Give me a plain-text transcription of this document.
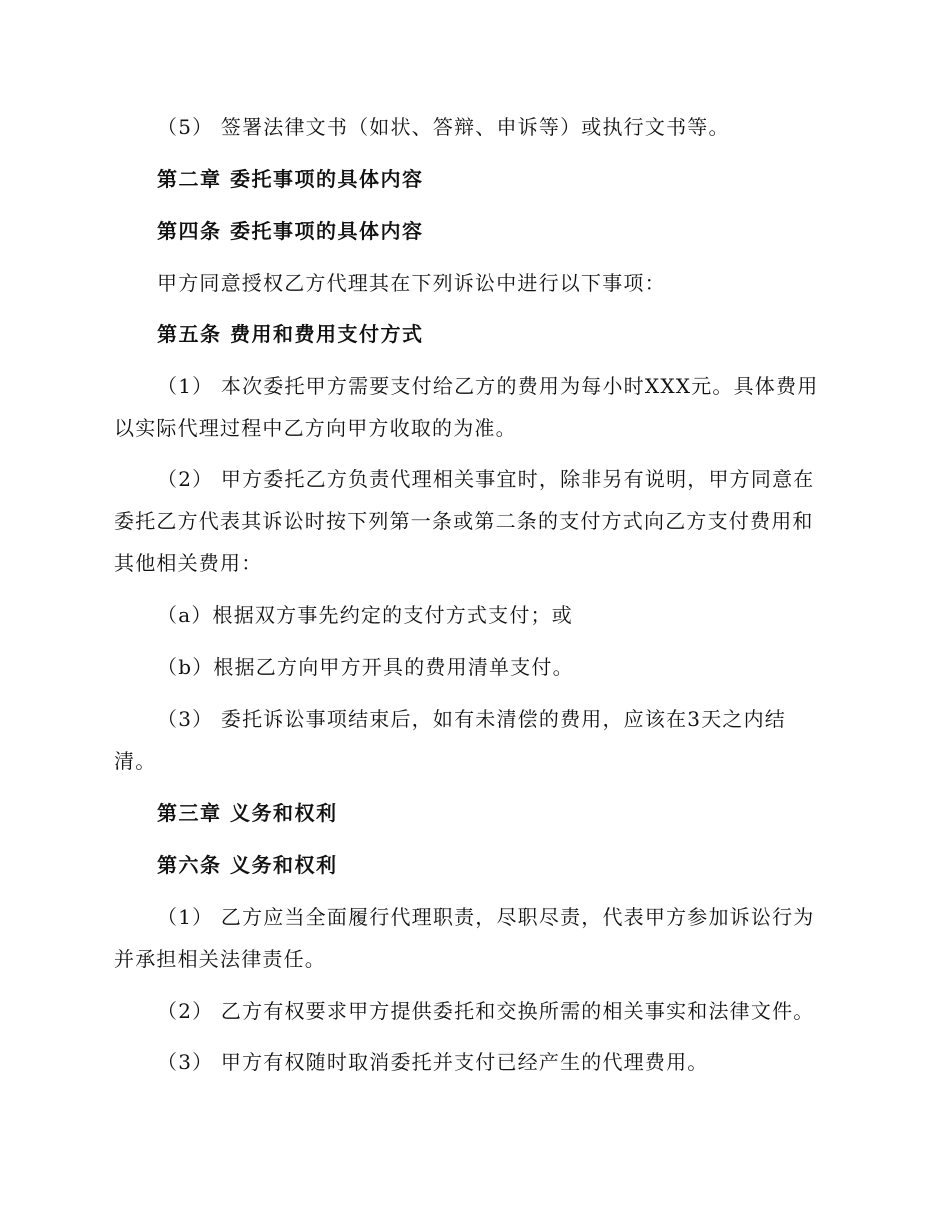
（5） 签署法律文书（如状、答辩、申诉等）或执行文书等。
第二章 委托事项的具体内容
第四条 委托事项的具体内容
甲方同意授权乙方代理其在下列诉讼中进行以下事项：
第五条 费用和费用支付方式
（1） 本次委托甲方需要支付给乙方的费用为每小时XXX元。具体费用
以实际代理过程中乙方向甲方收取的为准。
（2） 甲方委托乙方负责代理相关事宜时，除非另有说明，甲方同意在
委托乙方代表其诉讼时按下列第一条或第二条的支付方式向乙方支付费用和
其他相关费用：
（a）根据双方事先约定的支付方式支付；或
（b）根据乙方向甲方开具的费用清单支付。
（3） 委托诉讼事项结束后，如有未清偿的费用，应该在3天之内结
清。
第三章 义务和权利
第六条 义务和权利
（1） 乙方应当全面履行代理职责，尽职尽责，代表甲方参加诉讼行为
并承担相关法律责任。
（2） 乙方有权要求甲方提供委托和交换所需的相关事实和法律文件。
（3） 甲方有权随时取消委托并支付已经产生的代理费用。
